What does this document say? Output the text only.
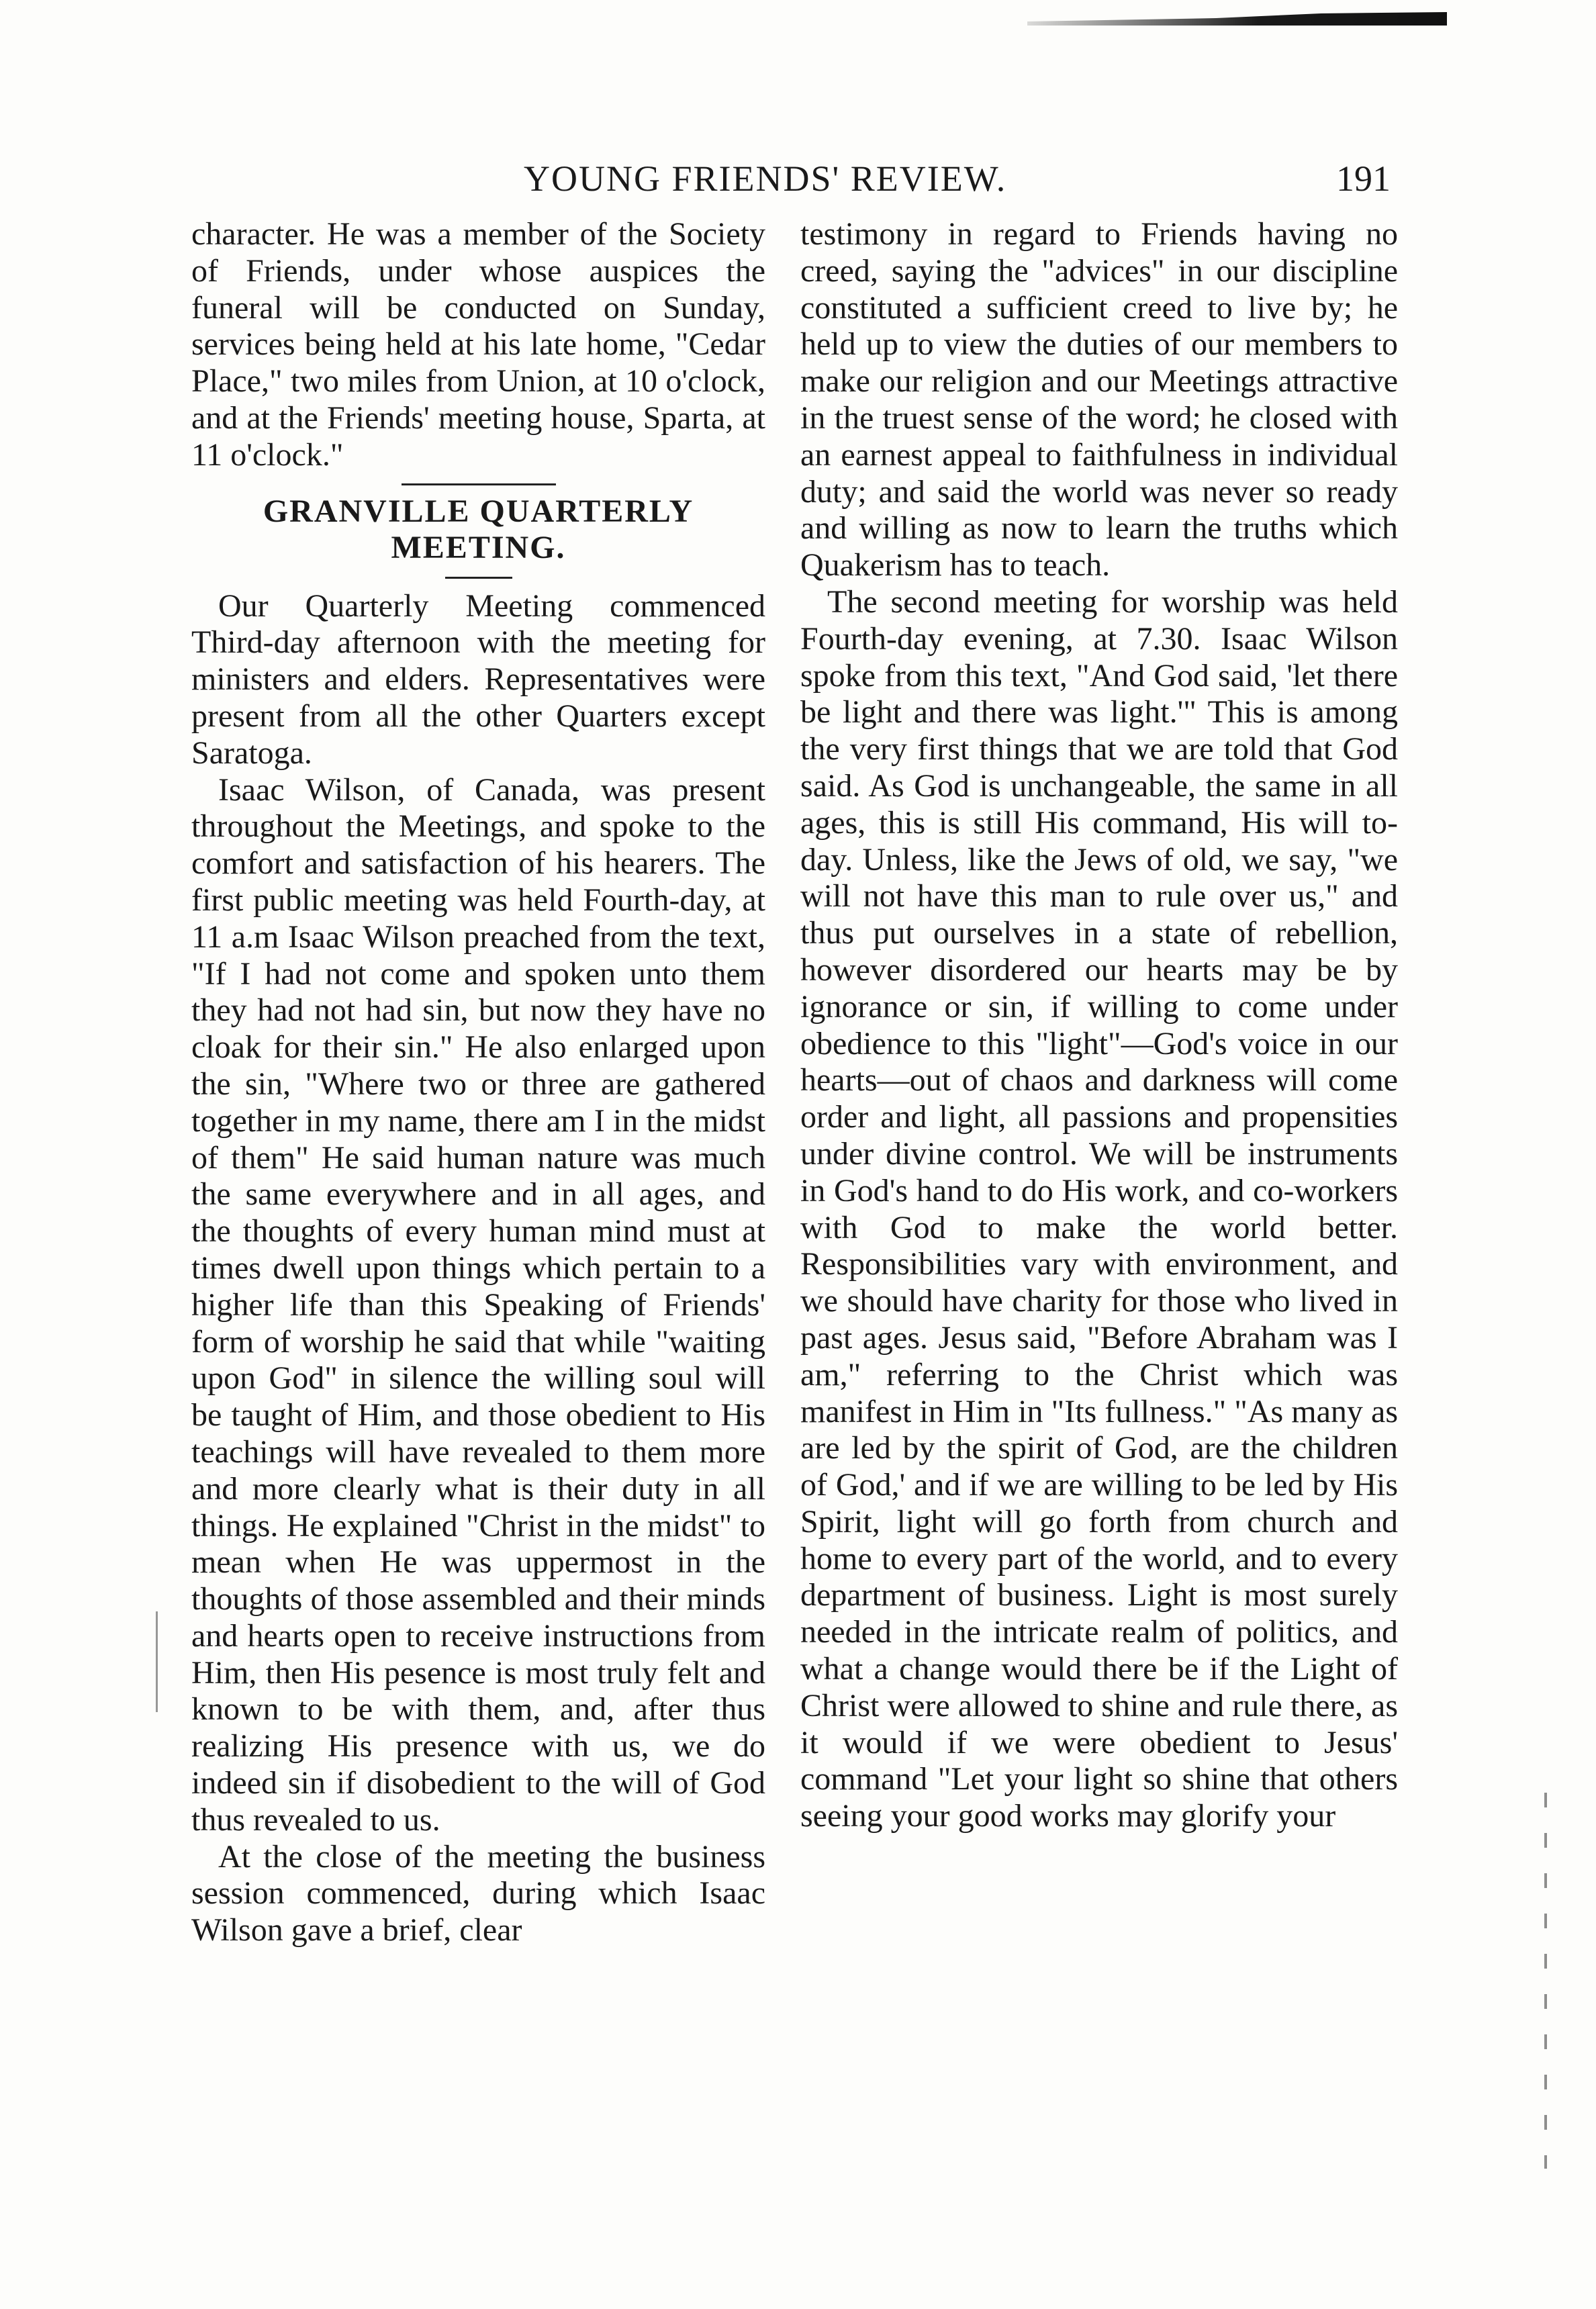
YOUNG FRIENDS' REVIEW.	191

character. He was a member of the Society of Friends, under whose auspices the funeral will be conducted on Sunday, services being held at his late home, "Cedar Place," two miles from Union, at 10 o'clock, and at the Friends' meeting house, Sparta, at 11 o'clock."

GRANVILLE QUARTERLY MEETING.

Our Quarterly Meeting commenced Third-day afternoon with the meeting for ministers and elders. Representatives were present from all the other Quarters except Saratoga.

Isaac Wilson, of Canada, was present throughout the Meetings, and spoke to the comfort and satisfaction of his hearers. The first public meeting was held Fourth-day, at 11 a.m Isaac Wilson preached from the text, "If I had not come and spoken unto them they had not had sin, but now they have no cloak for their sin." He also enlarged upon the sin, "Where two or three are gathered together in my name, there am I in the midst of them" He said human nature was much the same everywhere and in all ages, and the thoughts of every human mind must at times dwell upon things which pertain to a higher life than this Speaking of Friends' form of worship he said that while "waiting upon God" in silence the willing soul will be taught of Him, and those obedient to His teachings will have revealed to them more and more clearly what is their duty in all things. He explained "Christ in the midst" to mean when He was uppermost in the thoughts of those assembled and their minds and hearts open to receive instructions from Him, then His pesence is most truly felt and known to be with them, and, after thus realizing His presence with us, we do indeed sin if disobedient to the will of God thus revealed to us.

At the close of the meeting the business session commenced, during which Isaac Wilson gave a brief, clear

testimony in regard to Friends having no creed, saying the "advices" in our discipline constituted a sufficient creed to live by; he held up to view the duties of our members to make our religion and our Meetings attractive in the truest sense of the word; he closed with an earnest appeal to faithfulness in individual duty; and said the world was never so ready and willing as now to learn the truths which Quakerism has to teach.

The second meeting for worship was held Fourth-day evening, at 7.30. Isaac Wilson spoke from this text, "And God said, 'let there be light and there was light.'" This is among the very first things that we are told that God said. As God is unchangeable, the same in all ages, this is still His command, His will to-day. Unless, like the Jews of old, we say, "we will not have this man to rule over us," and thus put ourselves in a state of rebellion, however disordered our hearts may be by ignorance or sin, if willing to come under obedience to this "light"—God's voice in our hearts—out of chaos and darkness will come order and light, all passions and propensities under divine control. We will be instruments in God's hand to do His work, and co-workers with God to make the world better. Responsibilities vary with environment, and we should have charity for those who lived in past ages. Jesus said, "Before Abraham was I am," referring to the Christ which was manifest in Him in "Its fullness." "As many as are led by the spirit of God, are the children of God,' and if we are willing to be led by His Spirit, light will go forth from church and home to every part of the world, and to every department of business. Light is most surely needed in the intricate realm of politics, and what a change would there be if the Light of Christ were allowed to shine and rule there, as it would if we were obedient to Jesus' command "Let your light so shine that others seeing your good works may glorify your
